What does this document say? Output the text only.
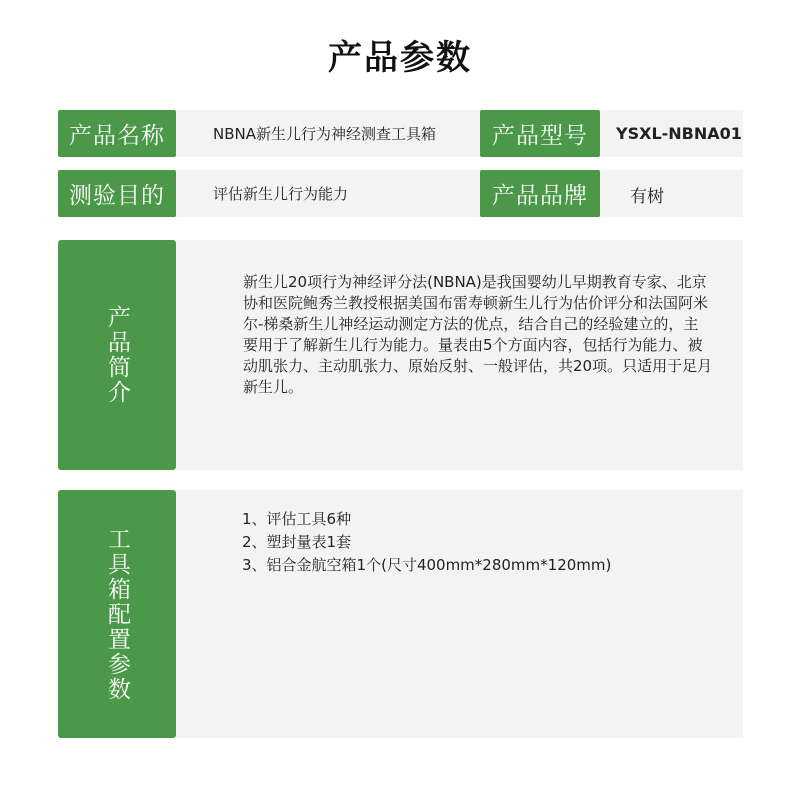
产品参数
产品名称	NBNA新生儿行为神经测查工具箱	产品型号	YSXL-NBNA01
测验目的	评估新生儿行为能力	产品品牌	有树
产品简介
新生儿20项行为神经评分法(NBNA)是我国婴幼儿早期教育专家、北京协和医院鲍秀兰教授根据美国布雷寿顿新生儿行为估价评分和法国阿米尔-梯桑新生儿神经运动测定方法的优点，结合自己的经验建立的，主要用于了解新生儿行为能力。量表由5个方面内容，包括行为能力、被动肌张力、主动肌张力、原始反射、一般评估，共20项。只适用于足月新生儿。
工具箱配置参数
1、评估工具6种
2、塑封量表1套
3、铝合金航空箱1个(尺寸400mm*280mm*120mm)
